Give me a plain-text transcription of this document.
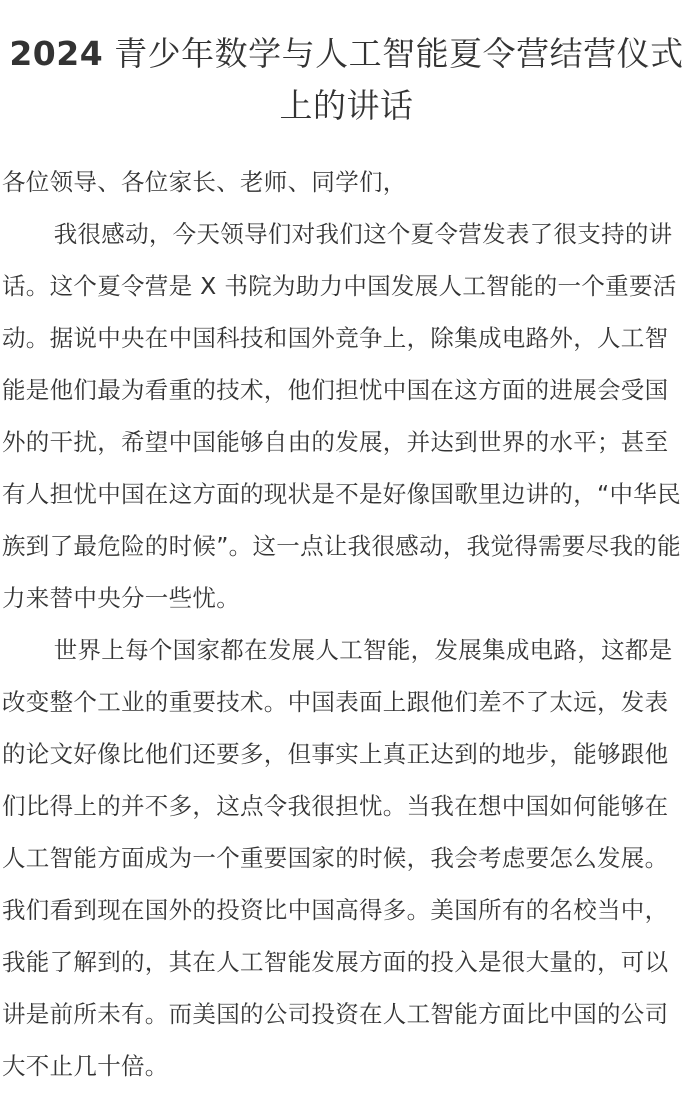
2024 青少年数学与人工智能夏令营结营仪式上的讲话

各位领导、各位家长、老师、同学们，

我很感动，今天领导们对我们这个夏令营发表了很支持的讲话。这个夏令营是 X 书院为助力中国发展人工智能的一个重要活动。据说中央在中国科技和国外竞争上，除集成电路外，人工智能是他们最为看重的技术，他们担忧中国在这方面的进展会受国外的干扰，希望中国能够自由的发展，并达到世界的水平；甚至有人担忧中国在这方面的现状是不是好像国歌里边讲的，“中华民族到了最危险的时候”。这一点让我很感动，我觉得需要尽我的能力来替中央分一些忧。

世界上每个国家都在发展人工智能，发展集成电路，这都是改变整个工业的重要技术。中国表面上跟他们差不了太远，发表的论文好像比他们还要多，但事实上真正达到的地步，能够跟他们比得上的并不多，这点令我很担忧。当我在想中国如何能够在人工智能方面成为一个重要国家的时候，我会考虑要怎么发展。我们看到现在国外的投资比中国高得多。美国所有的名校当中，我能了解到的，其在人工智能发展方面的投入是很大量的，可以讲是前所未有。而美国的公司投资在人工智能方面比中国的公司大不止几十倍。
